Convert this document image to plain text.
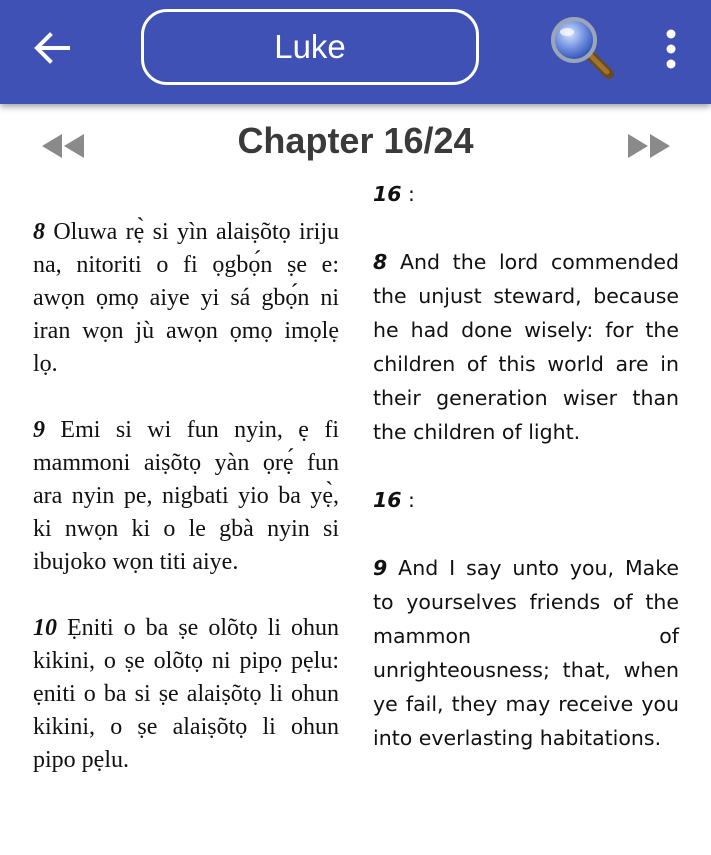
Luke
Chapter 16/24

8 Oluwa rẹ̀ si yìn alaiṣõtọ iriju na, nitoriti o fi ọgbọ́n ṣe e: awọn ọmọ aiye yi sá gbọ́n ni iran wọn jù awọn ọmọ imọlẹ lọ.

9 Emi si wi fun nyin, ẹ fi mammoni aiṣõtọ yàn ọrẹ́ fun ara nyin pe, nigbati yio ba yẹ̀, ki nwọn ki o le gbà nyin si ibujoko wọn titi aiye.

10 Ẹniti o ba ṣe olõtọ li ohun kikini, o ṣe olõtọ ni pipọ pẹlu: ẹniti o ba si ṣe alaiṣõtọ li ohun kikini, o ṣe alaiṣõtọ li ohun pipo pẹlu.

16 :

8 And the lord commended the unjust steward, because he had done wisely: for the children of this world are in their generation wiser than the children of light.

16 :

9 And I say unto you, Make to yourselves friends of the mammon of unrighteousness; that, when ye fail, they may receive you into everlasting habitations.
